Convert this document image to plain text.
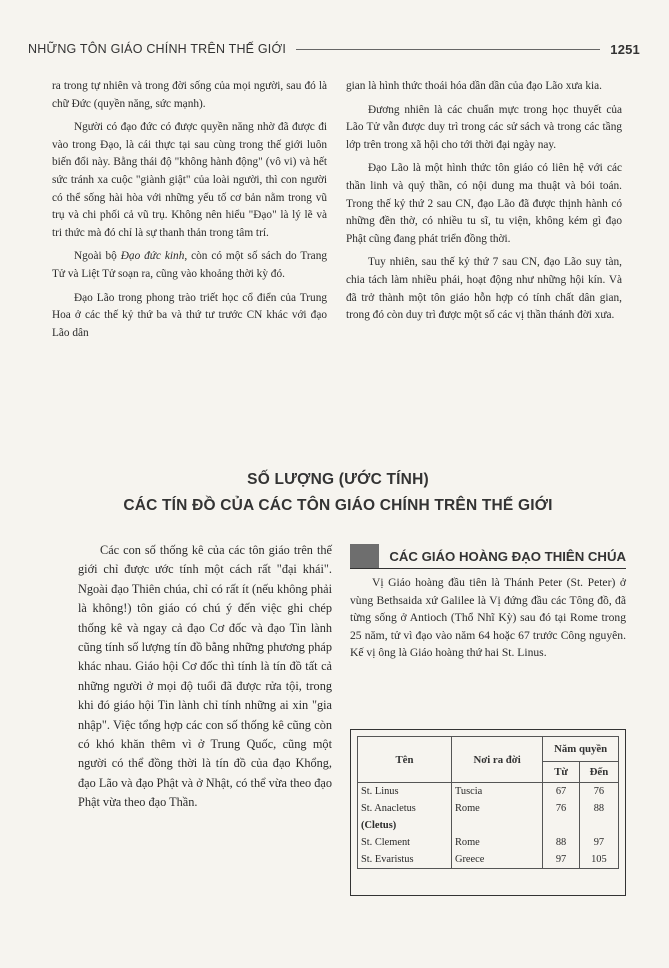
NHỮNG TÔN GIÁO CHÍNH TRÊN THẾ GIỚI	1251

ra trong tự nhiên và trong đời sống của mọi người, sau đó là chữ Đức (quyền năng, sức mạnh).

Người có đạo đức có được quyền năng nhờ đã được đi vào trong Đạo, là cái thực tại sau cùng trong thế giới luôn biến đổi này. Bằng thái độ "không hành động" (vô vi) và hết sức tránh xa cuộc "giành giật" của loài người, thì con người có thể sống hài hòa với những yếu tố cơ bản nằm trong vũ trụ và chi phối cả vũ trụ. Không nên hiểu "Đạo" là lý lẽ và tri thức mà đó chỉ là sự thanh thản trong tâm trí.

Ngoài bộ Đạo đức kinh, còn có một số sách do Trang Tử và Liệt Tử soạn ra, cũng vào khoảng thời kỳ đó.

Đạo Lão trong phong trào triết học cổ điển của Trung Hoa ở các thế kỷ thứ ba và thứ tư trước CN khác với đạo Lão dân

gian là hình thức thoái hóa dần dần của đạo Lão xưa kia.

Đương nhiên là các chuẩn mực trong học thuyết của Lão Tử vẫn được duy trì trong các sử sách và trong các tầng lớp trên trong xã hội cho tới thời đại ngày nay.

Đạo Lão là một hình thức tôn giáo có liên hệ với các thần linh và quỷ thần, có nội dung ma thuật và bói toán. Trong thế kỷ thứ 2 sau CN, đạo Lão đã được thịnh hành có những đền thờ, có nhiều tu sĩ, tu viện, không kém gì đạo Phật cũng đang phát triển đồng thời.

Tuy nhiên, sau thế kỷ thứ 7 sau CN, đạo Lão suy tàn, chia tách làm nhiều phái, hoạt động như những hội kín. Và đã trở thành một tôn giáo hỗn hợp có tính chất dân gian, trong đó còn duy trì được một số các vị thần thánh đời xưa.

SỐ LƯỢNG (ƯỚC TÍNH)
CÁC TÍN ĐỒ CỦA CÁC TÔN GIÁO CHÍNH TRÊN THẾ GIỚI

Các con số thống kê của các tôn giáo trên thế giới chỉ được ước tính một cách rất "đại khái". Ngoài đạo Thiên chúa, chỉ có rất ít (nếu không phải là không!) tôn giáo có chú ý đến việc ghi chép thống kê và ngay cả đạo Cơ đốc và đạo Tin lành cũng tính số lượng tín đồ bằng những phương pháp khác nhau. Giáo hội Cơ đốc thì tính là tín đồ tất cả những người ở mọi độ tuổi đã được rửa tội, trong khi đó giáo hội Tin lành chỉ tính những ai xin "gia nhập". Việc tổng hợp các con số thống kê cũng còn có khó khăn thêm vì ở Trung Quốc, cũng một người có thể đồng thời là tín đồ của đạo Khổng, đạo Lão và đạo Phật và ở Nhật, có thể vừa theo đạo Phật vừa theo đạo Thần.

CÁC GIÁO HOÀNG ĐẠO THIÊN CHÚA

Vị Giáo hoàng đầu tiên là Thánh Peter (St. Peter) ở vùng Bethsaida xứ Galilee là Vị đứng đầu các Tông đồ, đã từng sống ở Antioch (Thổ Nhĩ Kỳ) sau đó tại Rome trong 25 năm, tử vì đạo vào năm 64 hoặc 67 trước Công nguyên. Kế vị ông là Giáo hoàng thứ hai St. Linus.

Tên	Nơi ra đời	Năm quyền	
		Từ	Đến
St. Linus	Tuscia	67	76
St. Anacletus	Rome	76	88
(Cletus)			
St. Clement	Rome	88	97
St. Evaristus	Greece	97	105
